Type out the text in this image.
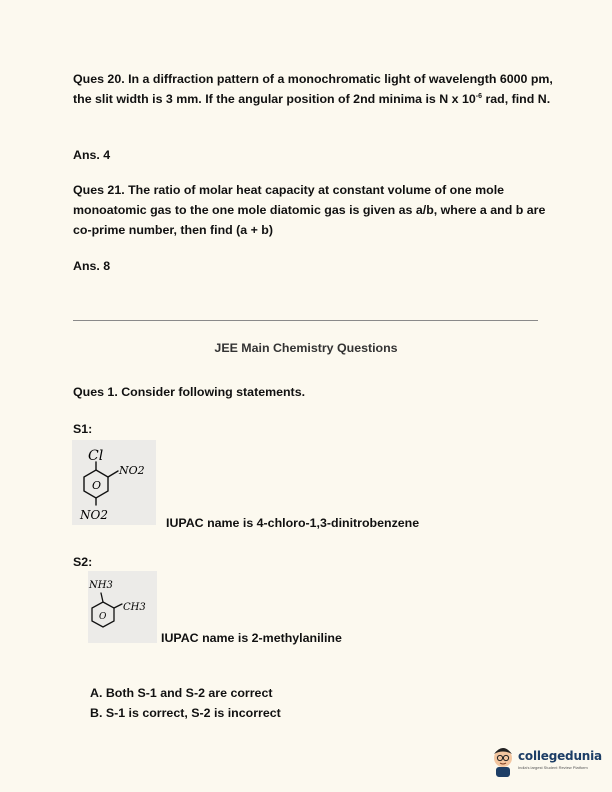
Ques 20. In a diffraction pattern of a monochromatic light of wavelength 6000 pm, the slit width is 3 mm. If the angular position of 2nd minima is N x $10^{-6}$ rad, find N.

Ans. 4

Ques 21. The ratio of molar heat capacity at constant volume of one mole monoatomic gas to the one mole diatomic gas is given as a/b, where a and b are co-prime number, then find (a + b)

Ans. 8

JEE Main Chemistry Questions

Ques 1. Consider following statements.

S1:

O
Cl
NO2
NO2

IUPAC name is 4-chloro-1,3-dinitrobenzene

S2:

O
NH3
CH3

IUPAC name is 2-methylaniline

A. Both S-1 and S-2 are correct
B. S-1 is correct, S-2 is incorrect
collegedunia
India's largest Student Review Platform
